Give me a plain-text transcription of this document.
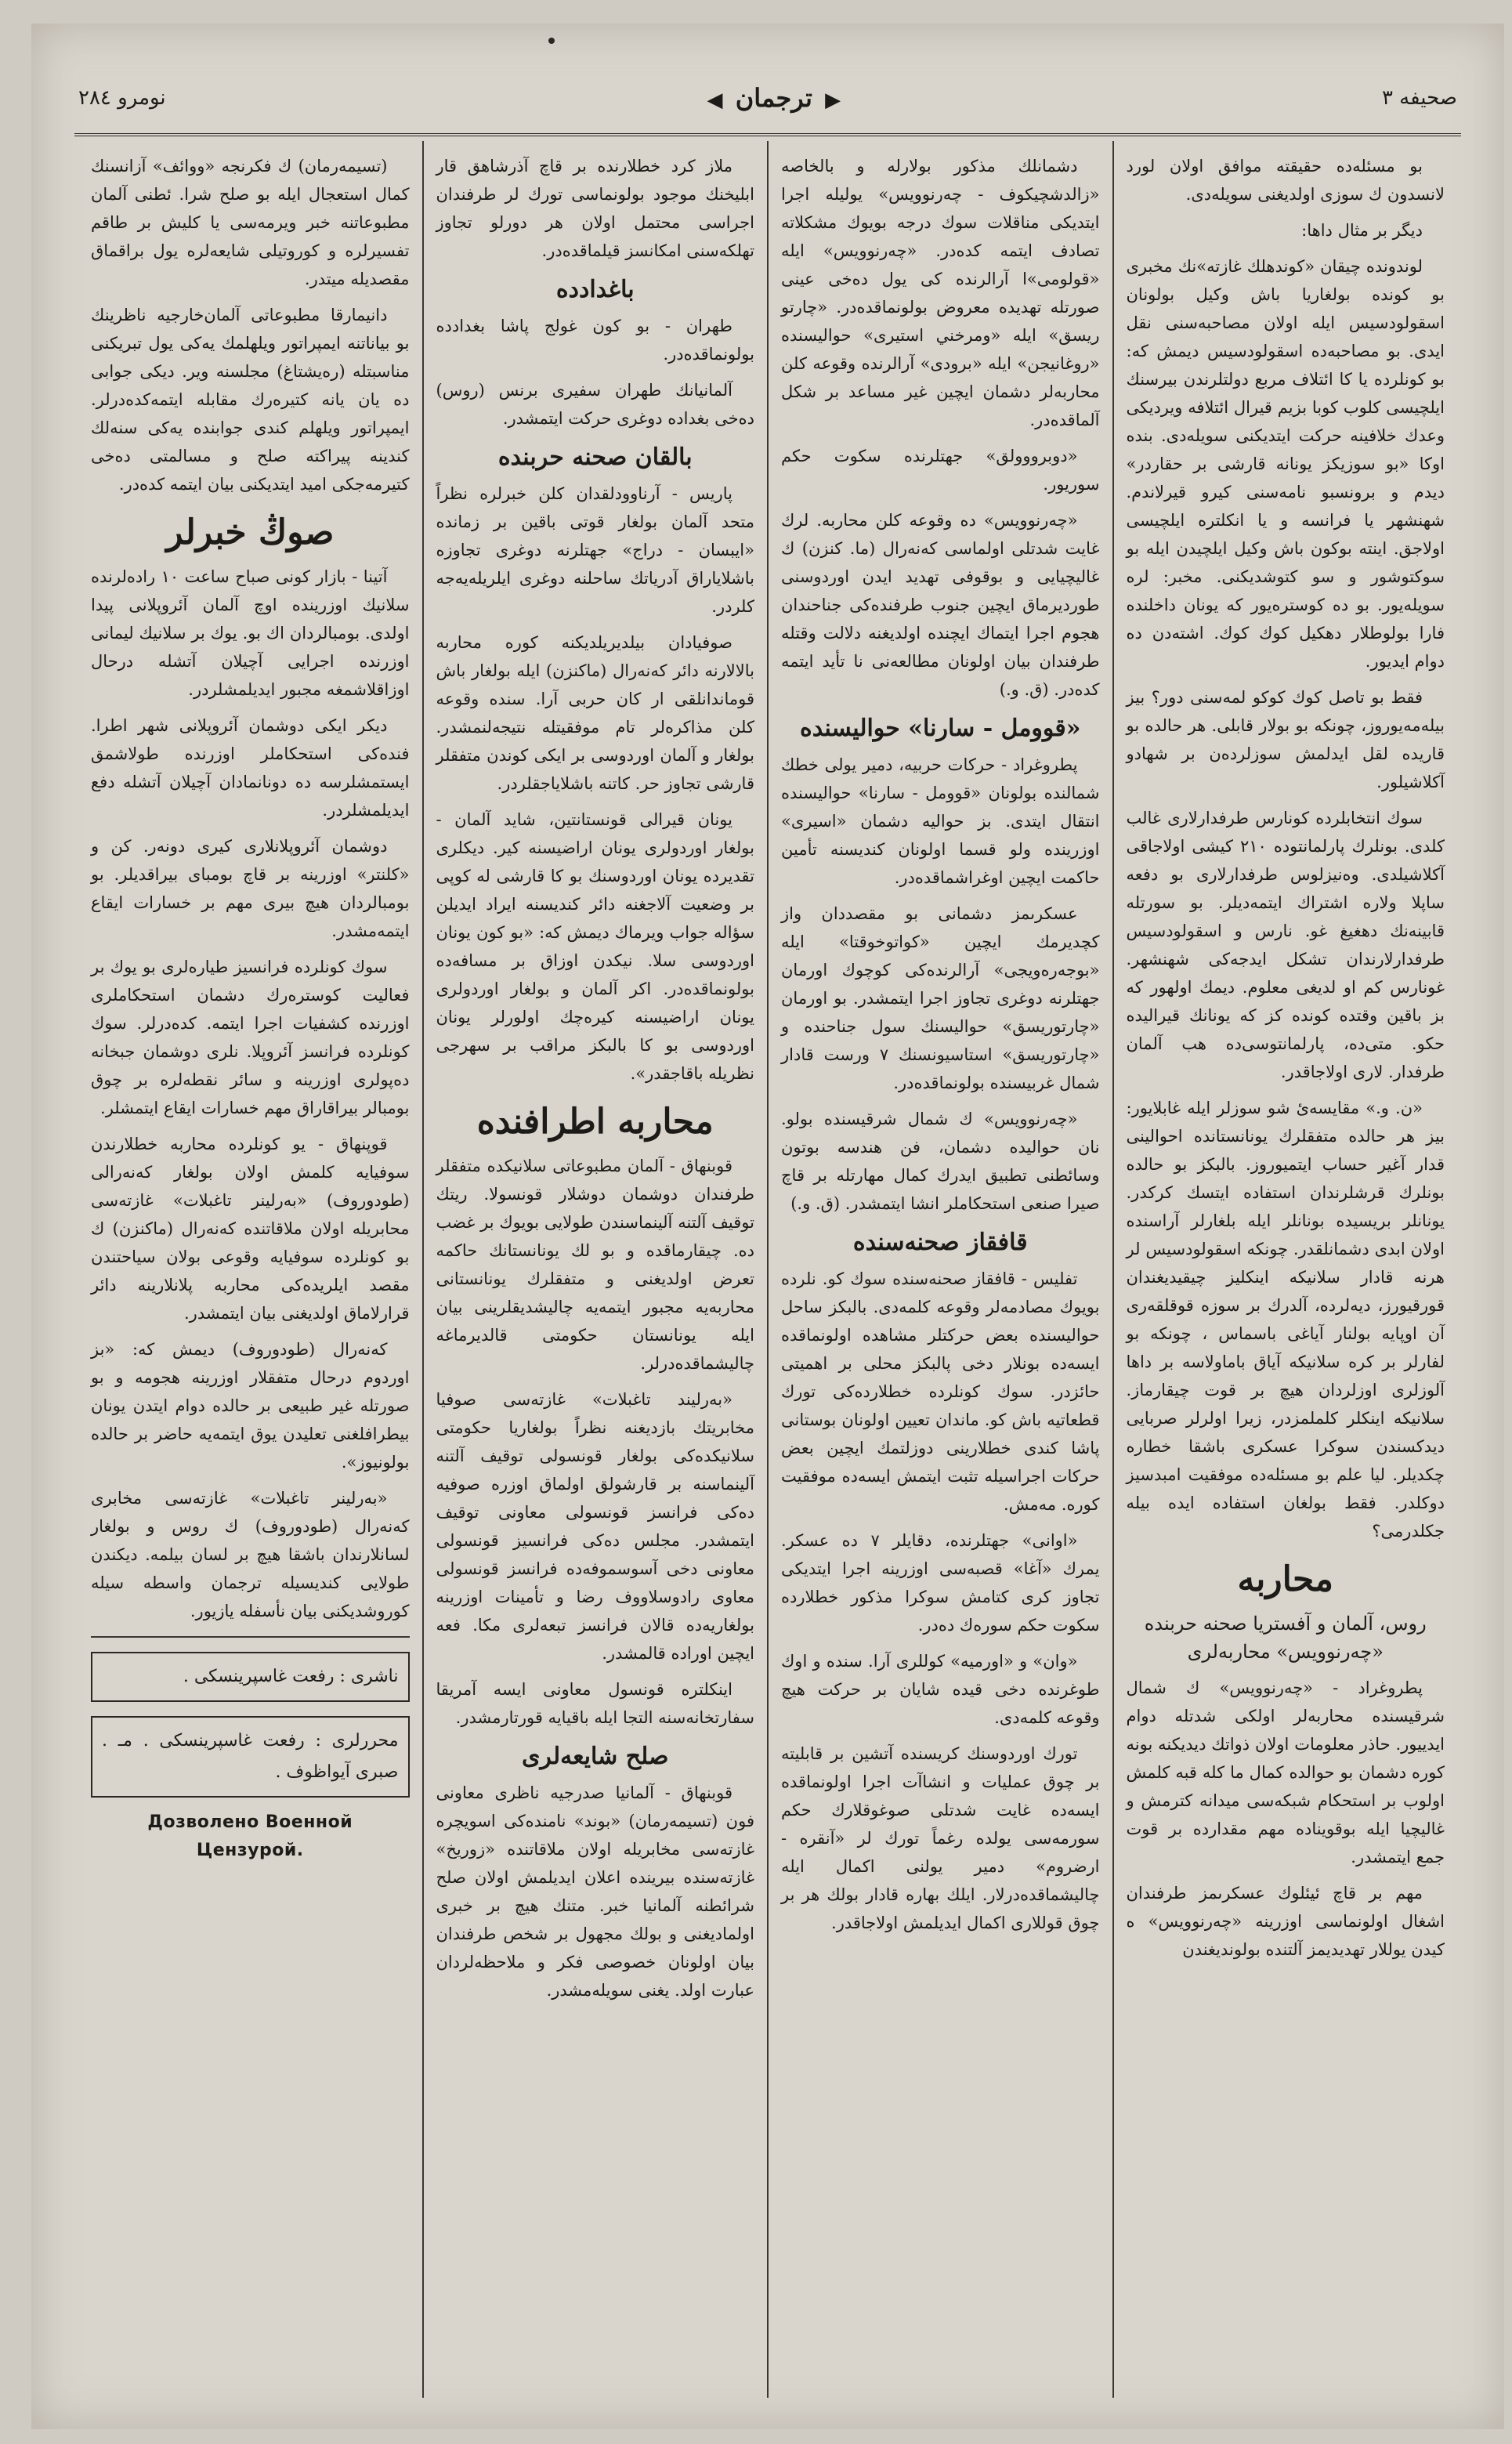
نومرو ٢٨٤	◀ ترجمان ▶	صحيفه ٣

بو مسئله‌ده حقيقته موافق اولان لورد لانسدون ك سوزى اولديغنى سويله‌دى.

ديگر بر مثال داها:

لوندونده چيقان «كوندهلك غازته»نك مخبرى بو كونده بولغاريا باش وكيل بولونان اسقولودسيس ايله اولان مصاحبه‌سنى نقل ايدى. بو مصاحبه‌ده اسقولودسيس ديمش كه: بو كونلرده يا كا ائتلاف مربع دولتلرندن بيرسنك ايلچيسى كلوب كوبا بزيم قيرال ائتلافه ويرديكى وعدك خلافينه حركت ايتديكنى سويله‌دى. بنده اوكا «بو سوزيكز يونانه قارشى بر حقاردر» ديدم و برونسبو نامه‌سنى كيرو قيرلاندم. شهنشهر يا فرانسه و يا انكلتره ايلچيسى اولاجق. اينته بوكون باش وكيل ايلچيدن ايله بو سوكتوشور و سو كتوشديكنى. مخبر: لره سويله‌يور. بو ده كوستره‌يور كه يونان داخلنده فارا بولوطلار دهکيل كوك كوك. اشته‌دن ده دوام ايديور.

فقط بو تاصل كوك كوكو لمه‌سنى دور؟ بيز بيله‌مه‌يوروز، چونكه بو بولار قابلى. هر حالده بو قاريده لقل ايدلمش سوزلرده‌ن بر شهادو آكلاشيلور.

سوك انتخابلرده كونارس طرفدارلارى غالب كلدى. بونلرك پارلمانتوده ٢١٠ كيشى اولاجاقى آكلاشيلدى. وەنيزلوس طرفدارلارى بو دفعه ساپلا ولاره اشتراك ايتمه‌ديلر. بو سورتله قابينه‌نك دهغيغ غو. نارس و اسقولودسيس طرفدارلارندان تشكل ايدجه‌كى شهنشهر. غونارس كم او لديغى معلوم. ديمك اولهور كه بز باقين وقتده كونده كز كه يونانك قيراليده حكو. متى‌ده، پارلمانتوسى‌ده هب آلمان طرفدار. لارى اولاجاقدر.

«ن. و.» مقايسه‌ئ شو سوزلر ايله غابلايور: بيز هر حالده متفقلرك يونانستانده احوالينى قدار آغير حساب ايتميوروز. بالبكز بو حالده بونلرك قرشلرندان استفاده ايتسك كركدر. يونانلر بريسيده بونانلر ايله بلغارلر آراسنده اولان ابدى دشمانلقدر. چونكه اسقولودسيس لر هرنه قادار سلانيكه اينكليز چيقيديغندان قورقيورز، ديه‌لرده، آلدرك بر سوزه قوقلقه‌رى آن اوپايه بولنار آياغى باسماس‌ ، چونكه بو لفارلر بر كره سلانيكه آياق باماولاسه بر داها آلوزلرى اوزلردان هيچ بر قوت چيقارماز. سلانيكه اينكلر كلملمزدر، زيرا اولرلر صربايى ديدكسندن سوكرا عسكرى باشقا خطاره چكديلر. ليا علم بو مسئله‌ده موفقيت امبدسيز دوكلدر. فقط بولغان استفاده ايده بيله جكلدرمى؟

محاربه

روس، آلمان و آفستريا صحنه‌ حربنده «چه‌رنوويس» محاربه‌لرى

پطروغراد - «چه‌رنوويس» ك شمال شرقيسنده محاربه‌لر اولكى شدتله دوام ايدييور. حاذر معلومات اولان ذواتك ديديكنه بونه كوره دشمان بو حوالده كمال ما كله قبه كلمش اولوب بر استحكام شبكه‌سى ميدانه كترمش و غاليچيا ايله بوقويناده مهم مقدارده بر قوت جمع ايتمشدر.

مهم بر قاچ ئيئلوك عسكرىمز طرفندان اشغال اولونماسى اوزرينه «چه‌رنوويس» ه كيدن يوللار تهديديمز آلتنده بولونديغندن

دشمانلك مذكور بولارله و بالخاصه «زالدشچيكوف - چه‌رنوويس» يوليله اجرا ايتديكى مناقلات سوك درجه بويوك مشكلاته تصادف ايتمه كده‌در. «چه‌رنوويس» ايله «قولومى»ا آرالرنده كى يول ده‌خى عينى صورتله تهديده معروض بولونماقده‌در. «چارتو ريسق» ايله «ومرخني استيرى» حواليسنده «روغانيجن» ايله «برودى» آرالرنده وقوعه كلن محاربه‌لر دشمان ايچين غير مساعد بر شكل آلماقده‌در.

«دوبرووولق» جهتلرنده سكوت حكم سوريور.

«چه‌رنوويس» ده وقوعه كلن محاربه. لرك غايت شدتلى اولماسى كه‌نه‌رال (ما. كنزن) ك غاليچيايى و بوقوفى تهديد ايدن اوردوسنى طورديرماق ايچين جنوب طرفنده‌كى جناحندان هجوم اجرا ايتماك ايچنده اولديغنه دلالت وقتله طرفندان بيان اولونان مطالعه‌نى نا تأيد ايتمه كده‌در. (ق. و.)

«قوومل - سارنا» حواليسنده

پطروغراد - حركات حربيه، دمير يولى خطك شمالنده بولونان «قوومل - سارنا» حواليسنده انتقال ايتدى. بز حواليه دشمان «اسيرى» اوزرينده ولو قسما اولونان كنديسنه تأمين حاكمت ايچين اوغراشماقده‌در.

عسكرىمز دشمانى بو مقصددان واز كچديرمك ايچين «كواتوخوقتا» ايله «بوجه‌ره‌ويجى» آرالرنده‌كى كوچوك اورمان جهتلرنه دوغرى تجاوز اجرا ايتمشدر. بو اورمان «چارتوريسق» حواليسنك سول جناحنده و «چارتوريسق» استاسيونسنك ٧ ورست قادار شمال غربيسنده بولونماقده‌در.

«چه‌رنوويس» ك شمال شرقيسنده بولو. نان حواليده دشمان، فن هندسه بوتون وسائطنى تطبيق ايدرك كمال مهارتله بر قاچ صيرا صنعى استحكاملر انشا ايتمشدر. (ق. و.)

قافقاز صحنه‌سنده

تفليس - قافقاز صحنه‌سنده سوك كو. نلرده بويوك مصادمه‌لر وقوعه كلمه‌دى. بالبكز ساحل حواليسنده بعض حركتلر مشاهده اولونماقده ايسه‌ده بونلار دخى پالبكز محلى بر اهميتى حائزدر. سوك كونلرده خطلارده‌كى تورك قطعاتيه باش كو. ماندان تعيين اولونان بوستانى پاشا كندى خطلارينى دوزلتمك ايچين بعض حركات اجراسيله تثبت ايتمش ايسه‌ده موفقيت كوره. مه‌مش.

«اوانى» جهتلرنده، دقايلر ٧ ده عسكر. يمرك «آغا» قصبه‌سى اوزرينه اجرا ايتديكى تجاوز كرى كتامش سوكرا مذكور خطلارده سكوت حكم سوره‌ك ده‌در.

«وان» و «اورميه» كوللرى آرا. سنده و اوك طوغرنده دخى قيده شايان بر حركت هيچ وقوعه كلمه‌دى.

تورك اوردوسنك كريسنده آتشين بر قابليته بر چوق عمليات و انشاآت اجرا اولونماقده ايسه‌ده غايت شدتلى صوغوقلارك حكم سورمه‌سى يولده رغماً تورك لر «آنقره - ارضروم» دمير يولنى اكمال ايله چاليشماقده‌درلار. ايلك بهاره قادار بولك هر بر چوق قوللارى اكمال ايديلمش اولاجاقدر.

ملاز كرد خطلارنده بر قاچ آذرشاهق قار ابليخنك موجود بولونماسى تورك لر طرفندان اجراسى محتمل اولان هر دورلو تجاوز تهلكه‌سنى امكانسز قيلماقده‌در.

باغدادده

طهران - بو كون غولج پاشا بغدادده بولونماقده‌در.

آلمانيانك طهران سفيرى برنس (روس) ده‌خى بغداده دوغرى حركت ايتمشدر.

بالقان صحنه‌ حربنده

پاريس - آرناوودلقدان كلن خبرلره نظراً متحد آلمان بولغار قوتى باقين بر زمانده «ايبسان - دراج» جهتلرنه دوغرى تجاوزه باشلاياراق آدرياتك ساحلنه دوغرى ايلريله‌يه‌جه كلردر.

صوفيادان بيلديريلديكنه كوره محاربه بالالارنه دائر كه‌نه‌رال (ماكنزن) ايله بولغار باش قوماندانلقى ار كان حربى آرا. سنده وقوعه كلن مذاكره‌لر تام موفقيتله نتيجه‌لنمشدر. بولغار و آلمان اوردوسى بر ايكى كوندن متفقلر قارشى تجاوز حر. كاتنه باشلاياجقلردر.

يونان قيرالى قونستانتين، شايد آلمان - بولغار اوردولرى يونان اراضيسنه كير. ديكلرى تقديرده يونان اوردوسنك بو كا قارشى له كوپى بر وضعيت آلاجغنه دائر كنديسنه ايراد ايديلن سؤاله جواب ويرماك ديمش كه: «بو كون يونان اوردوسى سلا. نيكدن اوزاق بر مسافه‌ده بولونماقده‌در. اكر آلمان و بولغار اوردولرى يونان اراضيسنه كيره‌چك اولورلر يونان اوردوسى بو كا بالبكز مراقب بر سهرجى نظريله باقاجقدر».

محاربه اطرافنده

قوبنهاق - آلمان مطبوعاتى سلانيكده متفقلر طرفندان دوشمان دوشلار قونسولا. ريتك توقيف آلتنه آلينماسندن طولايى بويوك بر غضب ده. چيقارماقده و بو لك يونانستانك حاكمه‌ تعرض اولديغنى و متفقلرك يونانستانى محاربه‌يه مجبور ايتمه‌يه چاليشديقلرينى بيان ايله يونانستان حكومتى قالديرماغه چاليشماقده‌درلر.

«بەرليند تاغبلات» غازته‌سى صوفيا مخابريتك بازديغنه نظراً بولغاريا حكومتى سلانيكده‌كى بولغار قونسولى توقيف آلتنه آلينماسنه بر قارشولق اولماق اوزره صوفيه ده‌كى فرانسز قونسولى معاونى توقيف ايتمشدر. مجلس ده‌كى فرانسيز قونسولى معاونى دخى آسوسموفه‌ده فرانسز قونسولى معاوى رادوسلاووف رضا و تأمينات اوزرينه بولغاريه‌ده قالان فرانسز تبعه‌لرى مكا. فعه ايچين اوراده قالمشدر.

اينكلتره قونسول معاونى ايسه آمريقا سفارتخانه‌سنه التجا ايله باقيايه قورتارمشدر.

صلح شايعه‌لرى

قوبنهاق - آلمانيا صدرجيه ناظرى معاونى فون (تسيمه‌رمان) «بوند» نامنده‌كى اسويچره غازته‌سى مخابريله اولان ملاقاتنده «زوريخ» غازته‌سنده بيرينده اعلان ايديلمش اولان صلح شرائطنه آلمانيا خبر. متنك هيچ بر خبرى اولماديغنى و بولك مجهول بر شخص طرفندان بيان اولونان خصوصى فكر و ملاحظه‌لردان عبارت اولد. يغنى سويله‌مشدر.

(تسيمه‌رمان) ك فكرنجه «ووائف» آزانسنك كمال استعجال ايله بو صلح شرا. ئطنى آلمان مطبوعاتنه خبر ويرمه‌سى يا كليش بر طاقم تفسيرلره و كوروتيلى شايعه‌لره يول براقماق مقصديله ميتدر.

دانيمارقا مطبوعاتى آلمان‌خارجيه ناظرينك بو بياناتنه ايمپراتور ويلهلمك يه‌كى يول تبريكنى مناسبتله (رەيشتاغ) مجلسنه وير. ديكى جوابى ده يان يانه كتيرەرك مقابله ايتمه‌كده‌درلر. ايمپراتور ويلهلم كندى جوابنده يه‌كى سنه‌لك كندينه پيراكته صلح و مسالمتى ده‌خى كتيرمه‌جكى اميد ايتديكنى بيان ايتمه كده‌در.

صوڭ خبرلر

آتينا - بازار كونى صباح ساعت ١٠ راده‌لرنده سلانيك اوزرينده اوچ آلمان آئروپلانى پيدا اولدى. بومبالردان اك بو. يوك بر سلانيك ليمانى اوزرنده اجرايى آچيلان آتشله درحال اوزاقلاشمغه مجبور ايديلمشلردر.

دیكر ايكى دوشمان آئروپلانى شهر اطرا. فنده‌كى استحكاملر اوزرنده طولاشمق ايستمشلرسه ده دونانمادان آچيلان آتشله دفع ايديلمشلردر.

دوشمان آئروپلانلارى كيرى دونه‌ر. كن و «كلنتر» اوزرينه بر قاچ بومباى بيراقديلر. بو بومبالردان هيچ بيرى مهم بر خسارات ايقاع ايتمه‌مشدر.

سوك كونلرده فرانسيز طياره‌لرى بو يوك بر فعاليت كوستره‌رك دشمان استحكاملرى اوزرنده كشفيات اجرا ايتمه. كده‌درلر. سوك كونلرده فرانسز آئروپلا. نلرى دوشمان جبخانه ده‌پولرى اوزرينه و سائر نقطه‌لره بر چوق بومبالر بيراقاراق مهم خسارات ايقاع ايتمشلر.

قوپنهاق - يو كونلرده محاربه خطلارندن سوفيايه كلمش اولان بولغار كه‌نه‌رالى (طودوروف) «بەرلينر تاغبلات» غازته‌سى محابريله اولان ملاقاتنده كه‌نه‌رال (ماكنزن) ك بو كونلرده‌ سوفيايه وقوعى بولان سياحتندن مقصد ايلريده‌كى محاربه پلانلارينه دائر قرارلاماق اولديغنى بيان ايتمشدر.

كه‌نه‌رال (طودوروف) ديمش كه: «بز اوردوم درحال متفقلار اوزرينه هجومه و بو صورتله غير طبيعى بر حالده دوام ايتدن يونان بيطرافلغنى تعليدن يوق ايتمه‌يه حاضر بر حالده بولونيوز».

«بەرلينر تاغبلات» غازته‌سى مخابرى كه‌نه‌رال (طودوروف) ك روس و بولغار لسانلارندان باشقا هيچ بر لسان بيلمه. ديكندن طولايى كنديسيله ترجمان واسطه سيله كوروشديكنى بيان نأسفله يازيور.

ناشرى : رفعت غاسپرينسكى .
محررلرى : رفعت غاسپرينسكى . مـ . صبرى آيواظوف .
Дозволено Военной Цензурой.
